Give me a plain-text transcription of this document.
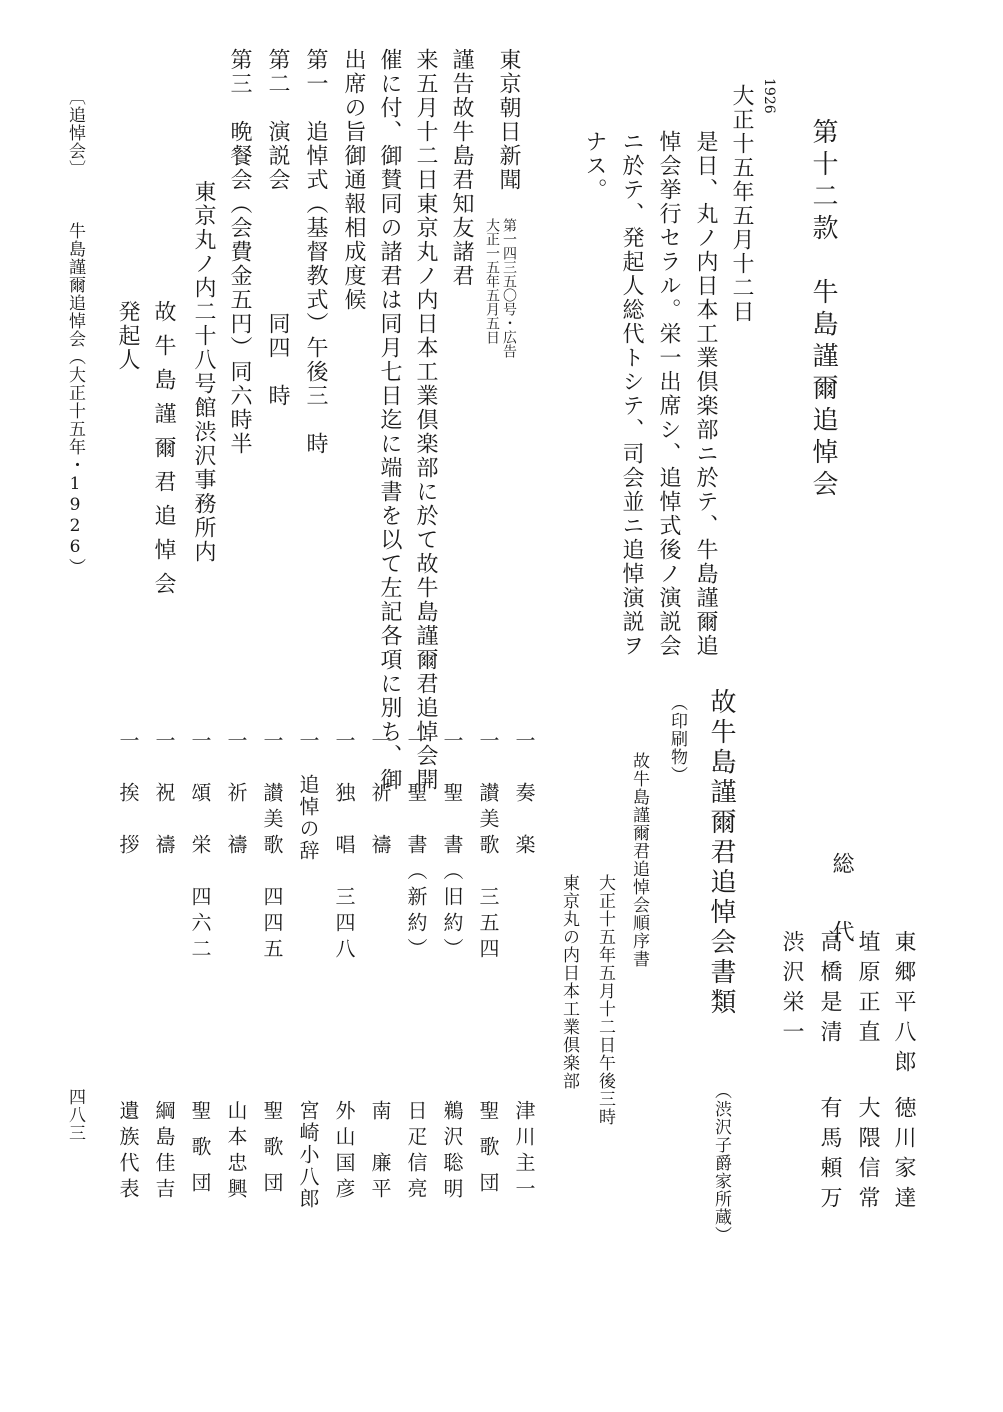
第十二款　牛島謹爾追悼会
1926
大正十五年五月十二日
是日、丸ノ内日本工業倶楽部ニ於テ、牛島謹爾追
悼会挙行セラル。栄一出席シ、追悼式後ノ演説会
ニ於テ、発起人総代トシテ、司会並ニ追悼演説ヲ
ナス。
東京朝日新聞
第一四三五〇号・広告
大正一五年五月五日
謹告故牛島君知友諸君
来五月十二日東京丸ノ内日本工業倶楽部に於て故牛島謹爾君追悼会開
催に付、御賛同の諸君は同月七日迄に端書を以て左記各項に別ち、御
出席の旨御通報相成度候
第一　追悼式（基督教式）午後三　時
第二　演説会　　　　　同四　時
第三　晩餐会（会費金五円）同六時半
東京丸ノ内二十八号館渋沢事務所内
故牛島謹爾君追悼会
発起人
〔追悼会〕
牛島謹爾追悼会（大正十五年・1926）
四八三
総　代
東郷平八郎
徳川家達
埴原正直
大隈信常
高橋是清
有馬頼万
渋沢栄一
故牛島謹爾君追悼会書類
（渋沢子爵家所蔵）
（印刷物）
故牛島謹爾君追悼会順序書
大正十五年五月十二日午後三時
東京丸の内日本工業倶楽部
一　奏　楽
津川主一
一　讃美歌　三五四
聖歌団
一　聖　書（旧約）
鵜沢聡明
一　聖　書（新約）
日疋信亮
一　祈　禱
南　廉平
一　独　唱　三四八
外山国彦
一　追悼の辞
宮崎小八郎
一　讃美歌　四四五
聖歌団
一　祈　禱
山本忠興
一　頌　栄　四六二
聖歌団
一　祝　禱
綱島佳吉
一　挨　拶
遺族代表
